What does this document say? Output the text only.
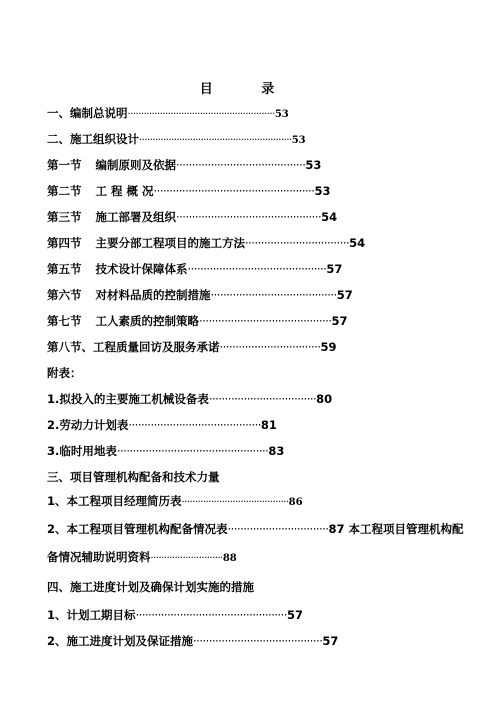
目 录
一、编制总说明·······················································53
二、施工组织设计·························································53
第一节 编制原则及依据·········································53
第二节 工 程 概 况···················································53
第三节 施工部署及组织··············································54
第四节 主要分部工程项目的施工方法·································54
第五节 技术设计保障体系············································57
第六节 对材料品质的控制措施········································57
第七节 工人素质的控制策略··········································57
第八节、工程质量回访及服务承诺································59
附表：
1.拟投入的主要施工机械设备表··································80
2.劳动力计划表··········································81
3.临时用地表················································83
三、项目管理机构配备和技术力量
1、本工程项目经理简历表········································86
2、本工程项目管理机构配备情况表································87 本工程项目管理机构配
备情况辅助说明资料···························88
四、施工进度计划及确保计划实施的措施
1、计划工期目标················································57
2、施工进度计划及保证措施·········································57
